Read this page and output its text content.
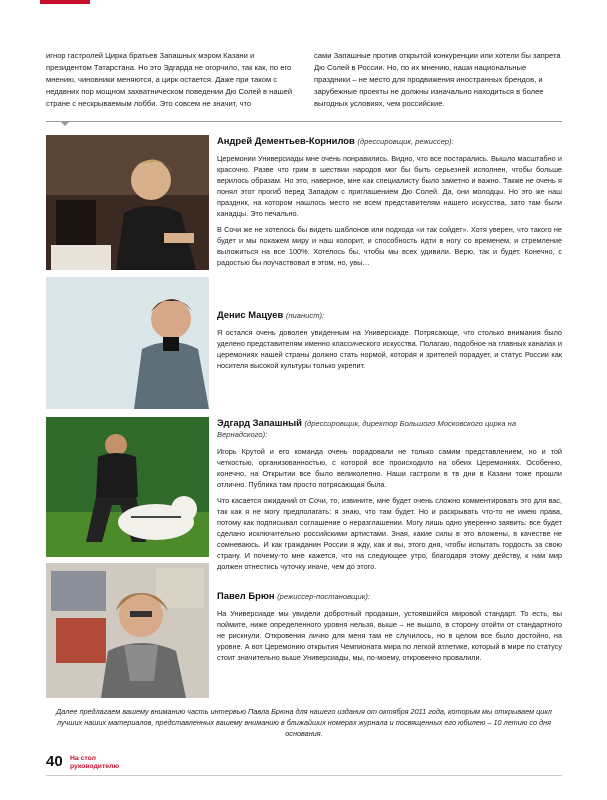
игнор гастролей Цирка братьев Запашных мэром Казани и президентом Татарстана. Но это Эдгарда не огорчило, так как, по его мнению, чиновники меняются, а цирк остается. Даже при таком с недавних пор мощном захватническом поведении Дю Солей в нашей стране с нескрываемым лобби. Это совсем не значит, что
сами Запашные против открытой конкуренции или хотели бы запрета Дю Солей в России. Но, по их мнению, наши национальные праздники – не место для продвижения иностранных брендов, и зарубежные проекты не должны изначально находиться в более выгодных условиях, чем российские.
Андрей Дементьев-Корнилов (дрессировщик, режиссер):

Церемонии Универсиады мне очень понравились. Видно, что все постарались. Вышло масштабно и красочно. Разве что грим в шествии народов мог бы быть серьезней исполнен, чтобы больше верилось образам. Но это, наверное, мне как специалисту было заметно и важно. Также не очень я понял этот прогиб перед Западом с приглашением Дю Солей. Да, они молодцы. Но это же наш праздник, на котором нашлось место не всем представителям нашего искусства, зато там были канадцы. Это печально.

В Сочи же не хотелось бы видеть шаблонов или подхода «и так сойдет». Хотя уверен, что такого не будет и мы покажем миру и наш колорит, и способность идти в ногу со временем, и стремление выложиться на все 100%. Хотелось бы, чтобы мы всех удивили. Верю, так и будет. Конечно, с радостью бы поучаствовал в этом, но, увы…

Денис Мацуев (пианист):

Я остался очень доволен увиденным на Универсиаде. Потрясающе, что столько внимания было уделено представителям именно классического искусства. Полагаю, подобное на главных каналах и церемониях нашей страны должно стать нормой, которая и зрителей порадует, и статус России как носителя высокой культуры только укрепит.

Эдгард Запашный (дрессировщик, директор Большого Московского цирка на Вернадского):

Игорь Крутой и его команда очень порадовали не только самим представлением, но и той четкостью, организованностью, с которой все происходило на обеих Церемониях. Особенно, конечно, на Открытии все было великолепно. Наши гастроли в тв дни в Казани тоже прошли отлично. Публика там просто потрясающая была.

Что касается ожиданий от Сочи, то, извините, мне будет очень сложно комментировать это для вас, так как я не могу предполагать: я знаю, что там будет. Но и раскрывать что-то не имею права, потому как подписывал соглашение о неразглашении. Могу лишь одно уверенно заявить: все будет сделано исключительно российскими артистами. Зная, какие силы в это вложены, в качестве не сомневаюсь. И как гражданин России я жду, как и вы, этого дня, чтобы испытать гордость за свою страну. И почему-то мне кажется, что на следующее утро, благодаря этому действу, к нам мир должен отнестись чуточку иначе, чем до этого.

Павел Брюн (режиссер-постановщик):

На Универсиаде мы увидели добротный продакшн, устоявшийся мировой стандарт. То есть, вы поймите, ниже определенного уровня нельзя, выше – не вышло, в сторону отойти от стандартного не рискнули. Откровения лично для меня там не случилось, но в целом все было достойно, на уровне. А вот Церемонию открытия Чемпионата мира по легкой атлетике, который в мире по статусу стоит значительно выше Универсиады, мы, по-моему, откровенно провалили.

Далее предлагаем вашему вниманию часть интервью Павла Брюна для нашего издания от октября 2011 года, которым мы открываем цикл лучших наших материалов, представленных вашему вниманию в ближайших номерах журнала и посвященных его юбилею – 10 летию со дня основания.
40 На стол
руководителю
